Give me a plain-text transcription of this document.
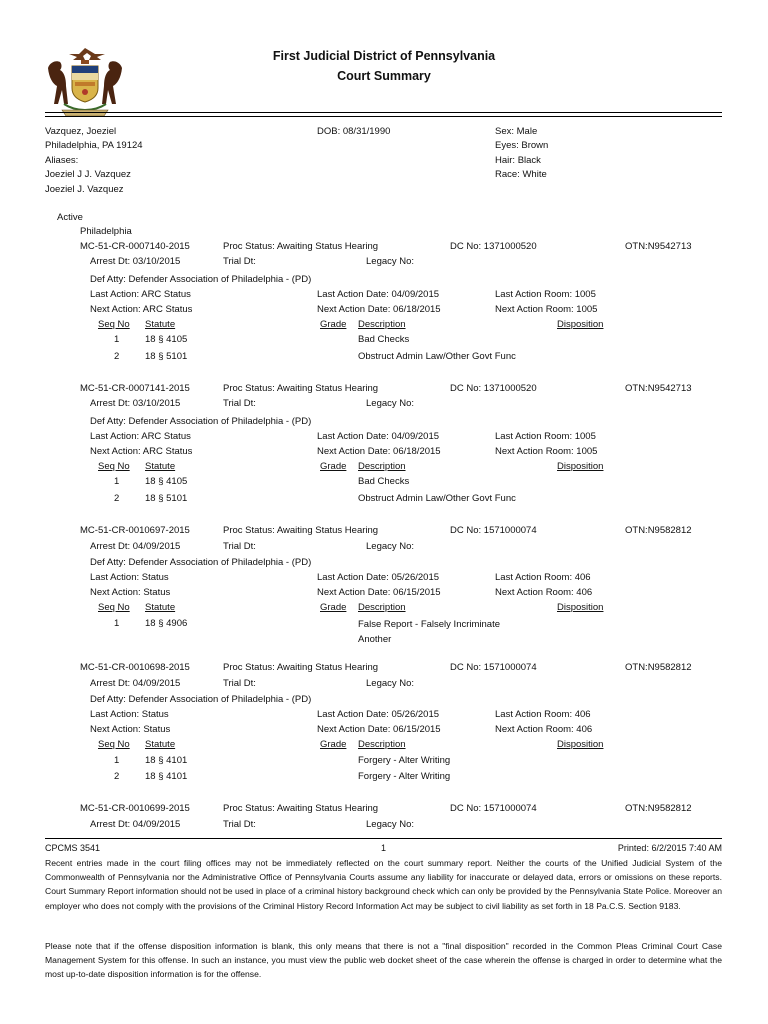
First Judicial District of Pennsylvania
Court Summary
Vazquez, Joeziel
Philadelphia, PA 19124
Aliases:
Joeziel J J. Vazquez
Joeziel J. Vazquez
DOB: 08/31/1990	Sex: Male
Eyes: Brown
Hair: Black
Race: White
Active
Philadelphia
MC-51-CR-0007140-2015	Proc Status: Awaiting Status Hearing	DC No: 1371000520	OTN:N9542713
Arrest Dt: 03/10/2015	Trial Dt:	Legacy No:
Def Atty: Defender Association of Philadelphia - (PD)
Last Action: ARC Status	Last Action Date: 04/09/2015	Last Action Room: 1005
Next Action: ARC Status	Next Action Date: 06/18/2015	Next Action Room: 1005
Seq No Statute	Grade Description	Disposition
1	18 § 4105	Bad Checks
2	18 § 5101	Obstruct Admin Law/Other Govt Func
MC-51-CR-0007141-2015	Proc Status: Awaiting Status Hearing	DC No: 1371000520	OTN:N9542713
Arrest Dt: 03/10/2015	Trial Dt:	Legacy No:
Def Atty: Defender Association of Philadelphia - (PD)
Last Action: ARC Status	Last Action Date: 04/09/2015	Last Action Room: 1005
Next Action: ARC Status	Next Action Date: 06/18/2015	Next Action Room: 1005
Seq No Statute	Grade Description	Disposition
1	18 § 4105	Bad Checks
2	18 § 5101	Obstruct Admin Law/Other Govt Func
MC-51-CR-0010697-2015	Proc Status: Awaiting Status Hearing	DC No: 1571000074	OTN:N9582812
Arrest Dt: 04/09/2015	Trial Dt:	Legacy No:
Def Atty: Defender Association of Philadelphia - (PD)
Last Action: Status	Last Action Date: 05/26/2015	Last Action Room: 406
Next Action: Status	Next Action Date: 06/15/2015	Next Action Room: 406
Seq No Statute	Grade Description	Disposition
1	18 § 4906	False Report - Falsely Incriminate Another
MC-51-CR-0010698-2015	Proc Status: Awaiting Status Hearing	DC No: 1571000074	OTN:N9582812
Arrest Dt: 04/09/2015	Trial Dt:	Legacy No:
Def Atty: Defender Association of Philadelphia - (PD)
Last Action: Status	Last Action Date: 05/26/2015	Last Action Room: 406
Next Action: Status	Next Action Date: 06/15/2015	Next Action Room: 406
Seq No Statute	Grade Description	Disposition
1	18 § 4101	Forgery - Alter Writing
2	18 § 4101	Forgery - Alter Writing
MC-51-CR-0010699-2015	Proc Status: Awaiting Status Hearing	DC No: 1571000074	OTN:N9582812
Arrest Dt: 04/09/2015	Trial Dt:	Legacy No:
CPCMS 3541	1	Printed: 6/2/2015 7:40 AM
Recent entries made in the court filing offices may not be immediately reflected on the court summary report. Neither the courts of the Unified Judicial System of the Commonwealth of Pennsylvania nor the Administrative Office of Pennsylvania Courts assume any liability for inaccurate or delayed data, errors or omissions on these reports. Court Summary Report information should not be used in place of a criminal history background check which can only be provided by the Pennsylvania State Police. Moreover an employer who does not comply with the provisions of the Criminal History Record Information Act may be subject to civil liability as set forth in 18 Pa.C.S. Section 9183.
Please note that if the offense disposition information is blank, this only means that there is not a "final disposition" recorded in the Common Pleas Criminal Court Case Management System for this offense. In such an instance, you must view the public web docket sheet of the case wherein the offense is charged in order to determine what the most up-to-date disposition information is for the offense.
